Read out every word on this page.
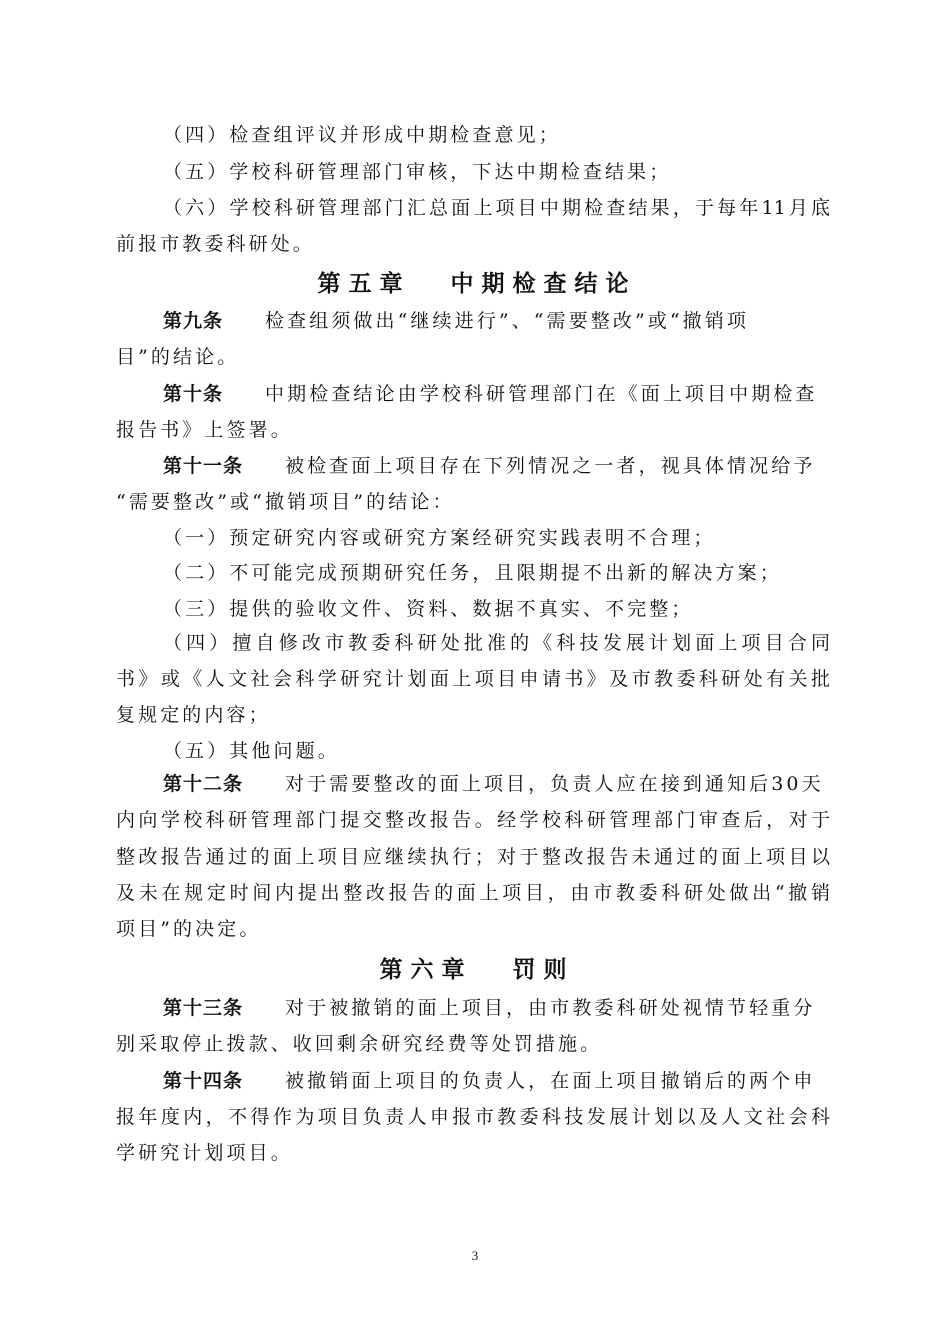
（四）检查组评议并形成中期检查意见；
（五）学校科研管理部门审核，下达中期检查结果；
（六）学校科研管理部门汇总面上项目中期检查结果，于每年11月底
前报市教委科研处。
第 五 章      中 期 检 查 结 论
第九条 检查组须做出“继续进行”、“需要整改”或“撤销项
目”的结论。
第十条 中期检查结论由学校科研管理部门在《面上项目中期检查
报告书》上签署。
第十一条 被检查面上项目存在下列情况之一者，视具体情况给予
“需要整改”或“撤销项目”的结论：
（一）预定研究内容或研究方案经研究实践表明不合理；
（二）不可能完成预期研究任务，且限期提不出新的解决方案；
（三）提供的验收文件、资料、数据不真实、不完整；
（四）擅自修改市教委科研处批准的《科技发展计划面上项目合同
书》或《人文社会科学研究计划面上项目申请书》及市教委科研处有关批
复规定的内容；
（五）其他问题。
第十二条 对于需要整改的面上项目，负责人应在接到通知后30天
内向学校科研管理部门提交整改报告。经学校科研管理部门审查后，对于
整改报告通过的面上项目应继续执行；对于整改报告未通过的面上项目以
及未在规定时间内提出整改报告的面上项目，由市教委科研处做出“撤销
项目”的决定。
第 六 章      罚 则
第十三条 对于被撤销的面上项目，由市教委科研处视情节轻重分
别采取停止拨款、收回剩余研究经费等处罚措施。
第十四条 被撤销面上项目的负责人，在面上项目撤销后的两个申
报年度内，不得作为项目负责人申报市教委科技发展计划以及人文社会科
学研究计划项目。
3
